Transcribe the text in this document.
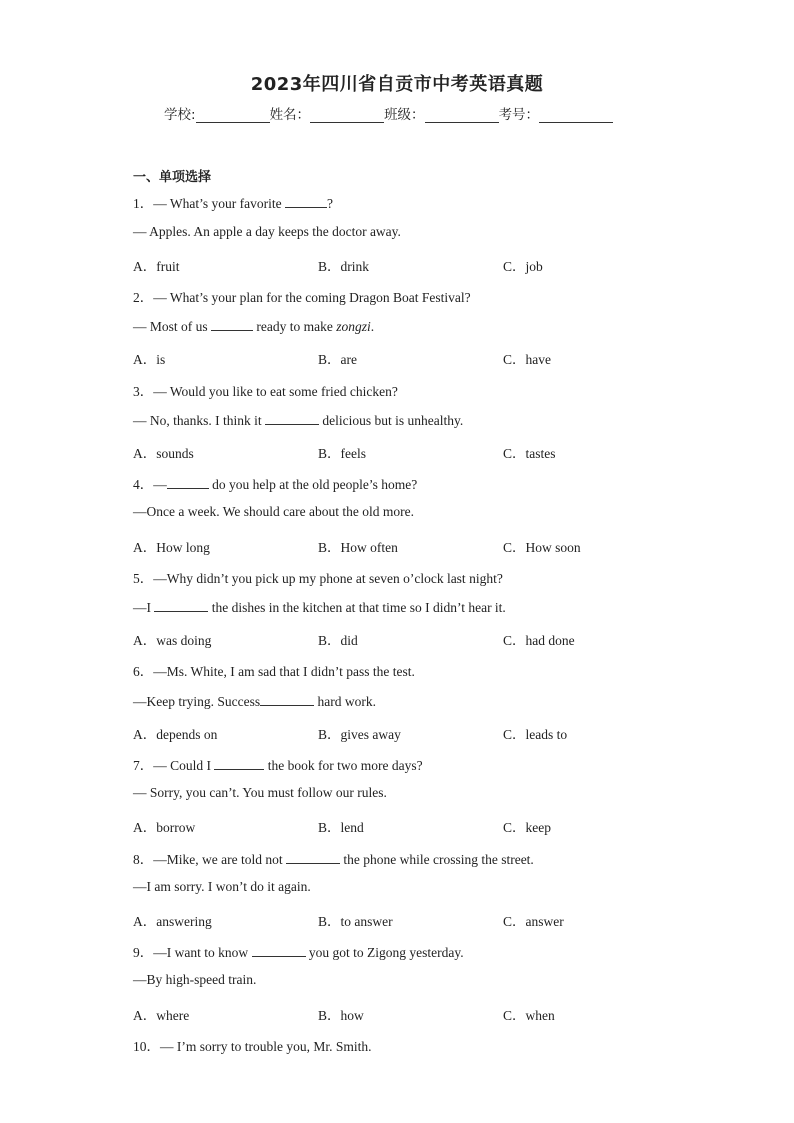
2023年四川省自贡市中考英语真题
学校:	姓名：	班级：	考号：
一、单项选择
1．— What’s your favorite	?
— Apples. An apple a day keeps the doctor away.
A．fruit	B．drink	C．job
2．— What’s your plan for the coming Dragon Boat Festival?
— Most of us	ready to make zongzi.
A．is	B．are	C．have
3．— Would you like to eat some fried chicken?
— No, thanks. I think it	delicious but is unhealthy.
A．sounds	B．feels	C．tastes
4．—	do you help at the old people’s home?
—Once a week. We should care about the old more.
A．How long	B．How often	C．How soon
5．—Why didn’t you pick up my phone at seven o’clock last night?
—I	the dishes in the kitchen at that time so I didn’t hear it.
A．was doing	B．did	C．had done
6．—Ms. White, I am sad that I didn’t pass the test.
—Keep trying. Success	hard work.
A．depends on	B．gives away	C．leads to
7．— Could I	the book for two more days?
— Sorry, you can’t. You must follow our rules.
A．borrow	B．lend	C．keep
8．—Mike, we are told not	the phone while crossing the street.
—I am sorry. I won’t do it again.
A．answering	B．to answer	C．answer
9．—I want to know	you got to Zigong yesterday.
—By high-speed train.
A．where	B．how	C．when
10．— I’m sorry to trouble you, Mr. Smith.
